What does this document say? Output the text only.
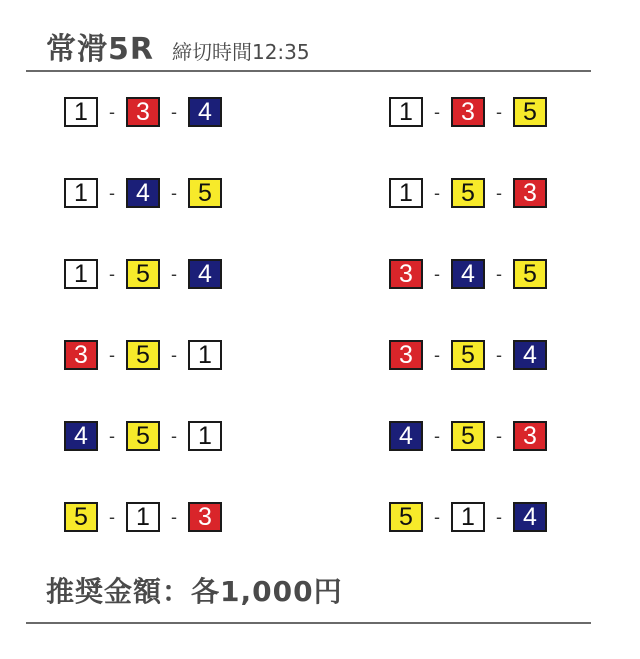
常滑5R 締切時間12:35
1	- 3	- 4	1	- 3	- 5
1	- 4	- 5	1	- 5	- 3
1	- 5	- 4	3	- 4	- 5
3	- 5	- 1	3	- 5	- 4
4	- 5	- 1	4	- 5	- 3
5	- 1	- 3	5	- 1	- 4
推奨金額：各1,000円
